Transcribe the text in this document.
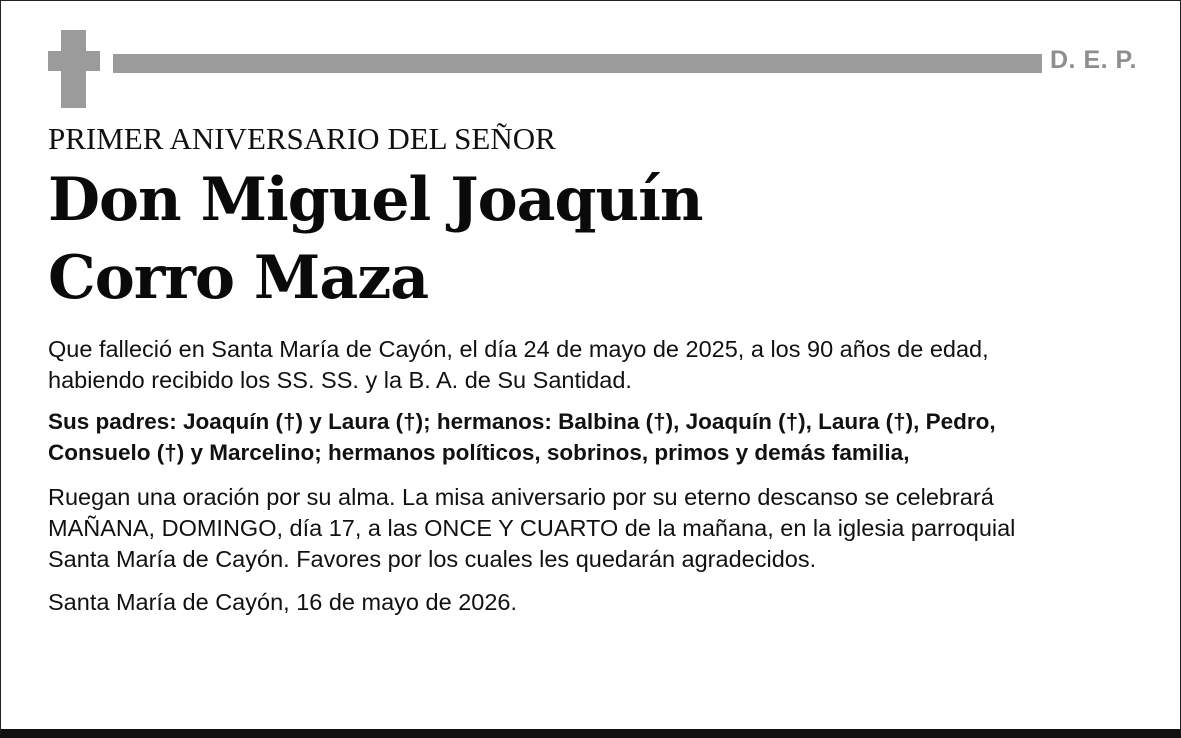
D. E. P.
PRIMER ANIVERSARIO DEL SEÑOR
Don Miguel Joaquín
Corro Maza
Que falleció en Santa María de Cayón, el día 24 de mayo de 2025, a los 90 años de edad,
habiendo recibido los SS. SS. y la B. A. de Su Santidad.
Sus padres: Joaquín (†) y Laura (†); hermanos: Balbina (†), Joaquín (†), Laura (†), Pedro,
Consuelo (†) y Marcelino; hermanos políticos, sobrinos, primos y demás familia,
Ruegan una oración por su alma. La misa aniversario por su eterno descanso se celebrará
MAÑANA, DOMINGO, día 17, a las ONCE Y CUARTO de la mañana, en la iglesia parroquial
Santa María de Cayón. Favores por los cuales les quedarán agradecidos.
Santa María de Cayón, 16 de mayo de 2026.
